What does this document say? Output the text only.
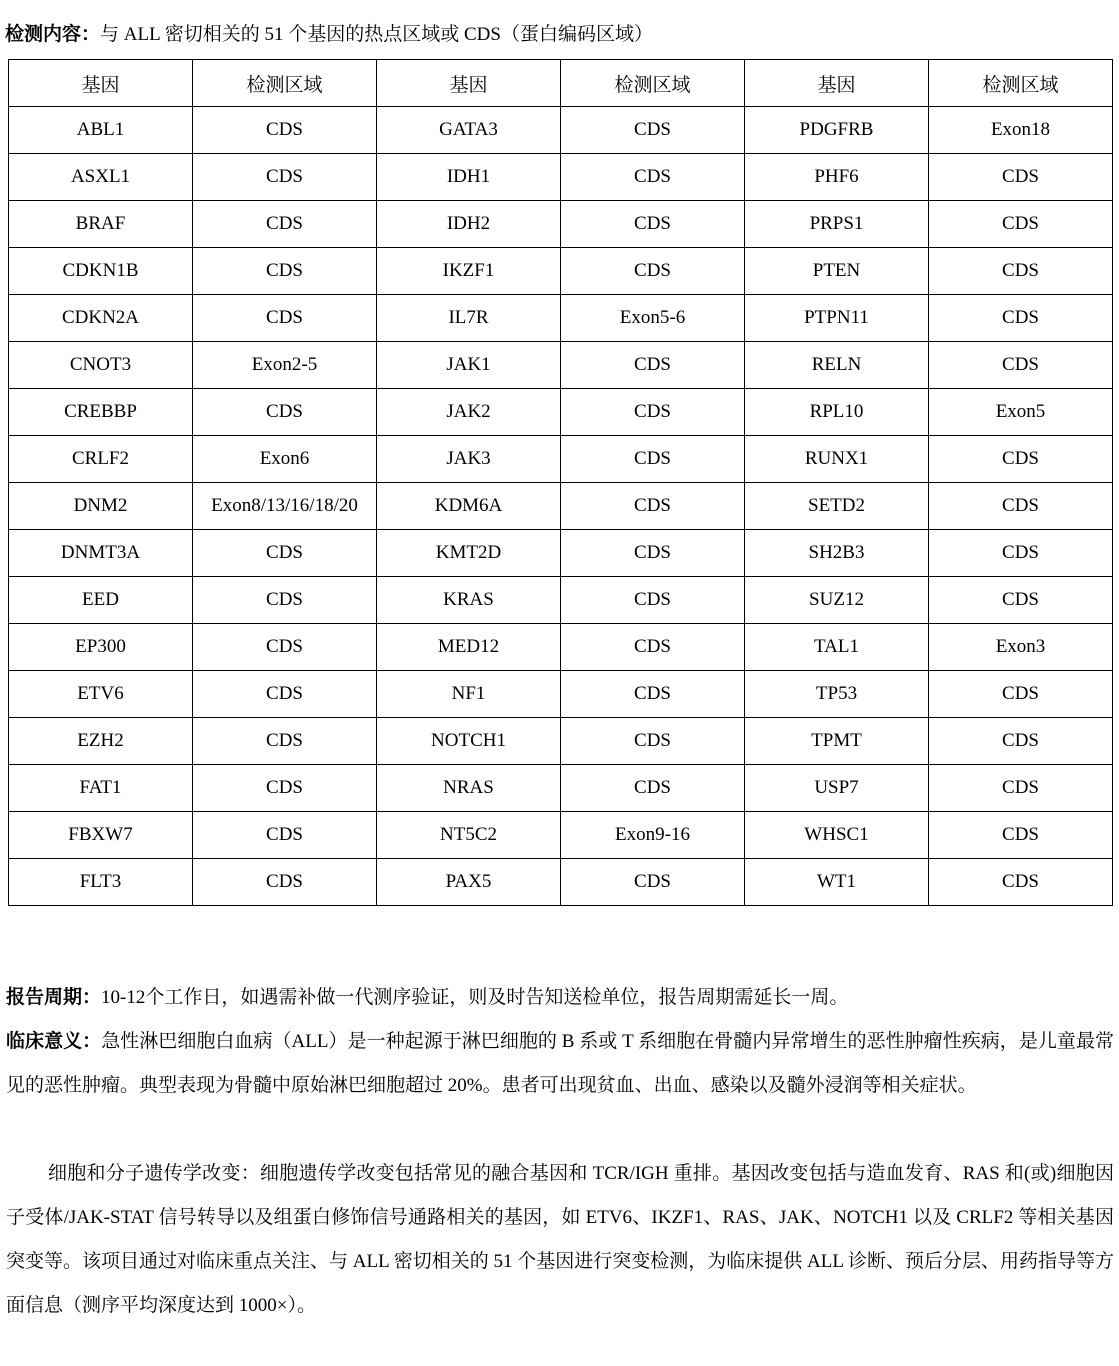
检测内容：与 ALL 密切相关的 51 个基因的热点区域或 CDS（蛋白编码区域）
基因	检测区域	基因	检测区域	基因	检测区域
ABL1	CDS	GATA3	CDS	PDGFRB	Exon18
ASXL1	CDS	IDH1	CDS	PHF6	CDS
BRAF	CDS	IDH2	CDS	PRPS1	CDS
CDKN1B	CDS	IKZF1	CDS	PTEN	CDS
CDKN2A	CDS	IL7R	Exon5-6	PTPN11	CDS
CNOT3	Exon2-5	JAK1	CDS	RELN	CDS
CREBBP	CDS	JAK2	CDS	RPL10	Exon5
CRLF2	Exon6	JAK3	CDS	RUNX1	CDS
DNM2	Exon8/13/16/18/20	KDM6A	CDS	SETD2	CDS
DNMT3A	CDS	KMT2D	CDS	SH2B3	CDS
EED	CDS	KRAS	CDS	SUZ12	CDS
EP300	CDS	MED12	CDS	TAL1	Exon3
ETV6	CDS	NF1	CDS	TP53	CDS
EZH2	CDS	NOTCH1	CDS	TPMT	CDS
FAT1	CDS	NRAS	CDS	USP7	CDS
FBXW7	CDS	NT5C2	Exon9-16	WHSC1	CDS
FLT3	CDS	PAX5	CDS	WT1	CDS
报告周期：10-12个工作日，如遇需补做一代测序验证，则及时告知送检单位，报告周期需延长一周。
临床意义：急性淋巴细胞白血病（ALL）是一种起源于淋巴细胞的 B 系或 T 系细胞在骨髓内异常增生的恶性肿瘤性疾病，是儿童最常见的恶性肿瘤。典型表现为骨髓中原始淋巴细胞超过 20%。患者可出现贫血、出血、感染以及髓外浸润等相关症状。
细胞和分子遗传学改变：细胞遗传学改变包括常见的融合基因和 TCR/IGH 重排。基因改变包括与造血发育、RAS 和(或)细胞因子受体/JAK-STAT 信号转导以及组蛋白修饰信号通路相关的基因，如 ETV6、IKZF1、RAS、JAK、NOTCH1 以及 CRLF2 等相关基因突变等。该项目通过对临床重点关注、与 ALL 密切相关的 51 个基因进行突变检测，为临床提供 ALL 诊断、预后分层、用药指导等方面信息（测序平均深度达到 1000×）。
